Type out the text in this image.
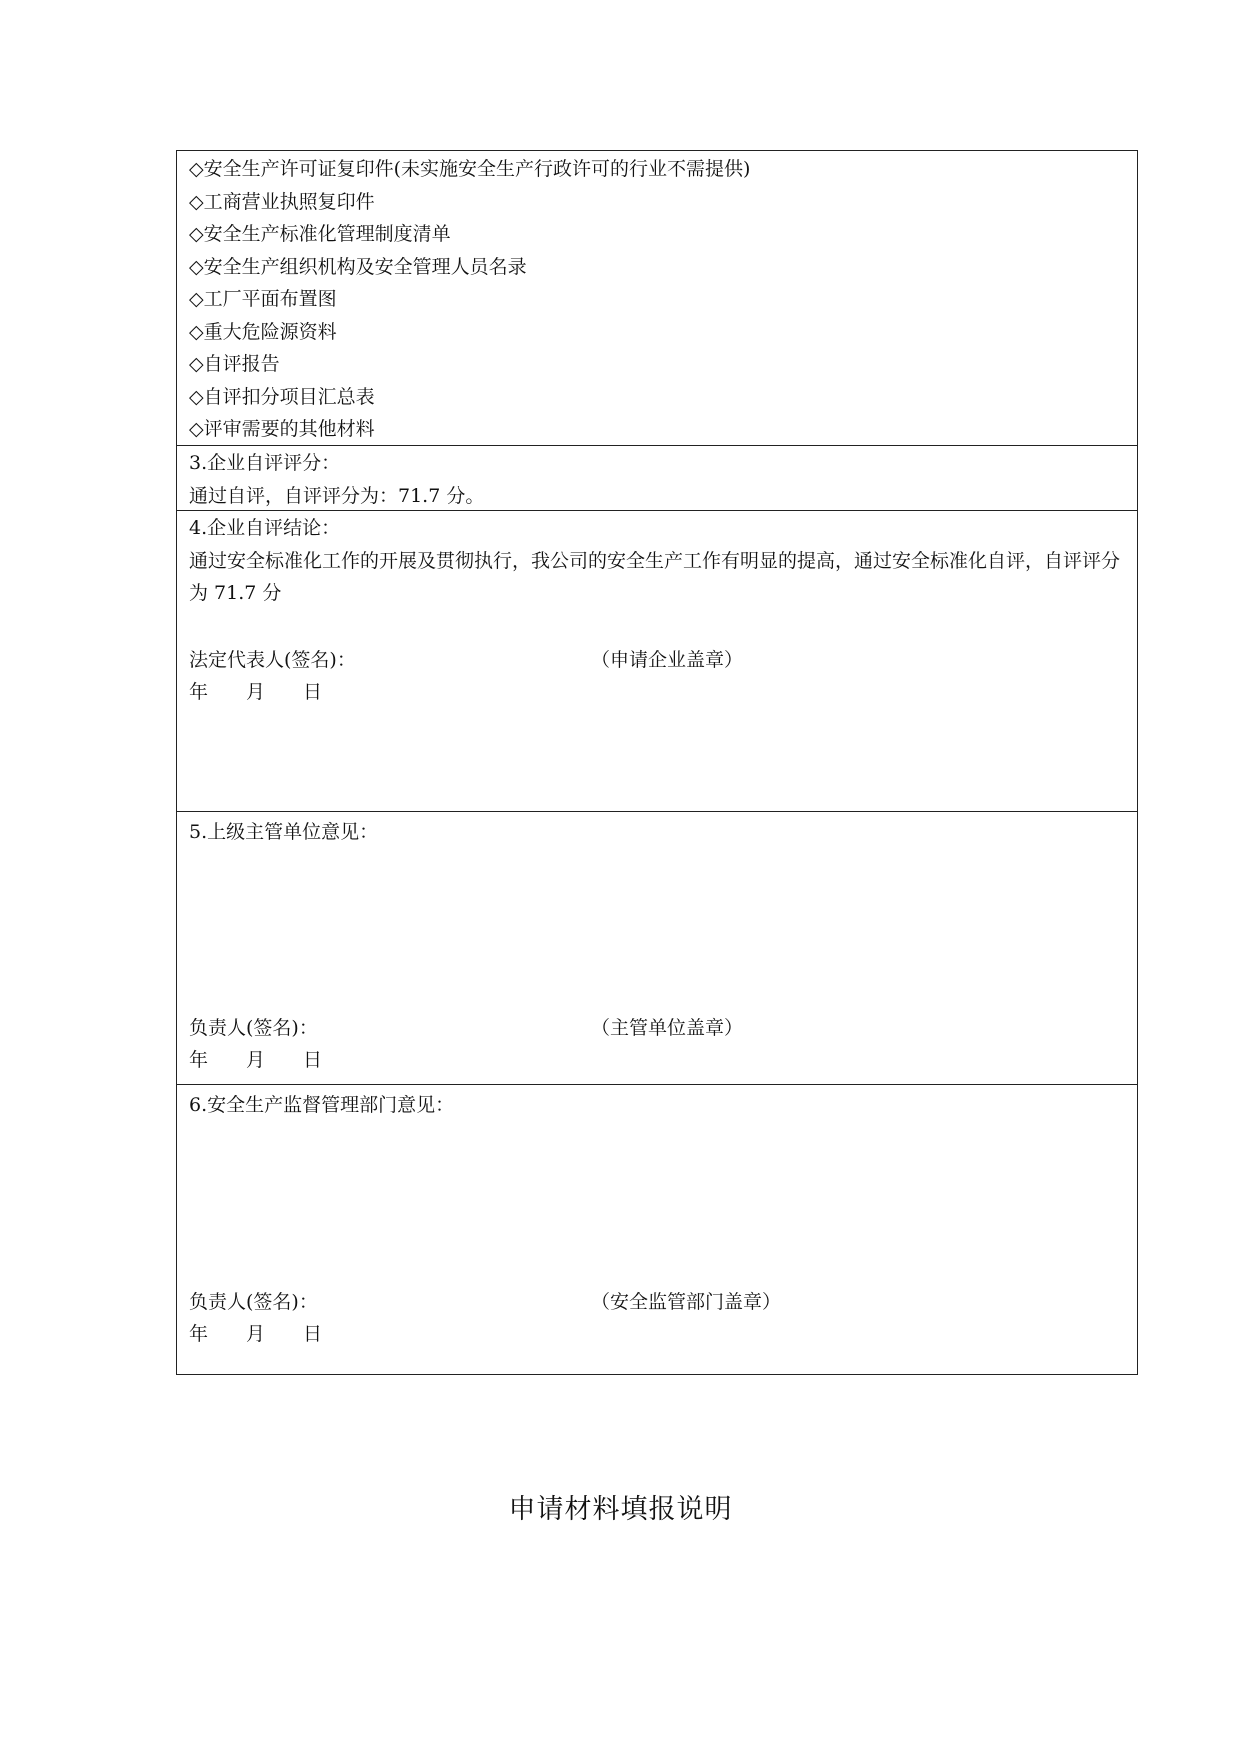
◇安全生产许可证复印件(未实施安全生产行政许可的行业不需提供)
◇工商营业执照复印件
◇安全生产标准化管理制度清单
◇安全生产组织机构及安全管理人员名录
◇工厂平面布置图
◇重大危险源资料
◇自评报告
◇自评扣分项目汇总表
◇评审需要的其他材料
3.企业自评评分：
通过自评，自评评分为：71.7 分。
4.企业自评结论：
通过安全标准化工作的开展及贯彻执行，我公司的安全生产工作有明显的提高，通过安全标准化自评，自评评分为 71.7 分
法定代表人(签名)：	（申请企业盖章）
年　　月　　日
5.上级主管单位意见：
负责人(签名)：	（主管单位盖章）
年　　月　　日
6.安全生产监督管理部门意见：
负责人(签名)：	（安全监管部门盖章）
年　　月　　日
申请材料填报说明
